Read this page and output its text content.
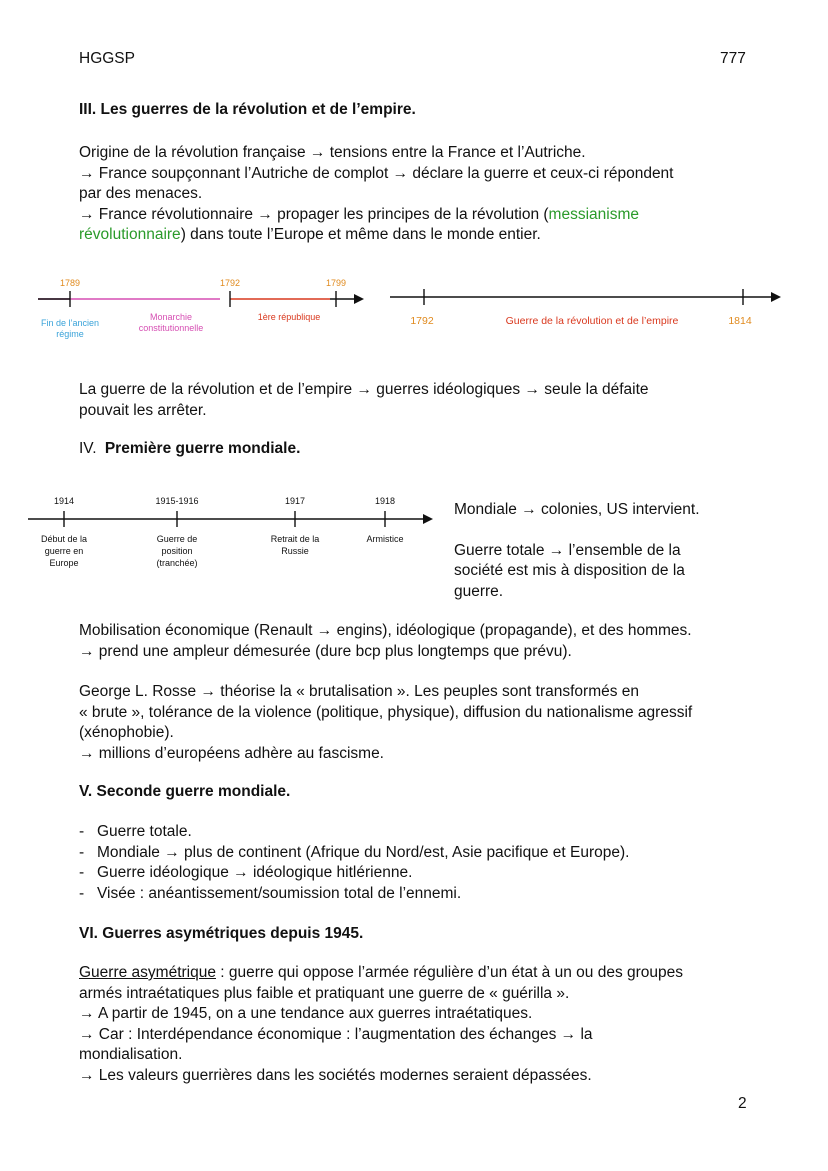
HGGSP	777
III. Les guerres de la révolution et de l’empire.
Origine de la révolution française → tensions entre la France et l’Autriche.
→ France soupçonnant l’Autriche de complot → déclare la guerre et ceux-ci répondent
par des menaces.
→ France révolutionnaire → propager les principes de la révolution (messianisme
révolutionnaire) dans toute l’Europe et même dans le monde entier.
1789	1792	1799
Fin de l’ancien
régime
Monarchie
constitutionnelle
1ère république	1792	1814
Guerre de la révolution et de l’empire
La guerre de la révolution et de l’empire → guerres idéologiques → seule la défaite
pouvait les arrêter.
IV. Première guerre mondiale.
1914	1915-1916	1917	1918
Début de la
guerre en
Europe
Guerre de
position
(tranchée)
Retrait de la
Russie
Armistice
Mondiale → colonies, US intervient.
Guerre totale → l’ensemble de la
société est mis à disposition de la
guerre.
Mobilisation économique (Renault → engins), idéologique (propagande), et des hommes.
→ prend une ampleur démesurée (dure bcp plus longtemps que prévu).
George L. Rosse → théorise la « brutalisation ». Les peuples sont transformés en
« brute », tolérance de la violence (politique, physique), diffusion du nationalisme agressif
(xénophobie).
→ millions d’européens adhère au fascisme.
V. Seconde guerre mondiale.
- Guerre totale.
- Mondiale → plus de continent (Afrique du Nord/est, Asie pacifique et Europe).
- Guerre idéologique → idéologique hitlérienne.
- Visée : anéantissement/soumission total de l’ennemi.
VI. Guerres asymétriques depuis 1945.
Guerre asymétrique : guerre qui oppose l’armée régulière d’un état à un ou des groupes
armés intraétatiques plus faible et pratiquant une guerre de « guérilla ».
→ A partir de 1945, on a une tendance aux guerres intraétatiques.
→ Car : Interdépendance économique : l’augmentation des échanges → la
mondialisation.
→ Les valeurs guerrières dans les sociétés modernes seraient dépassées.
2
